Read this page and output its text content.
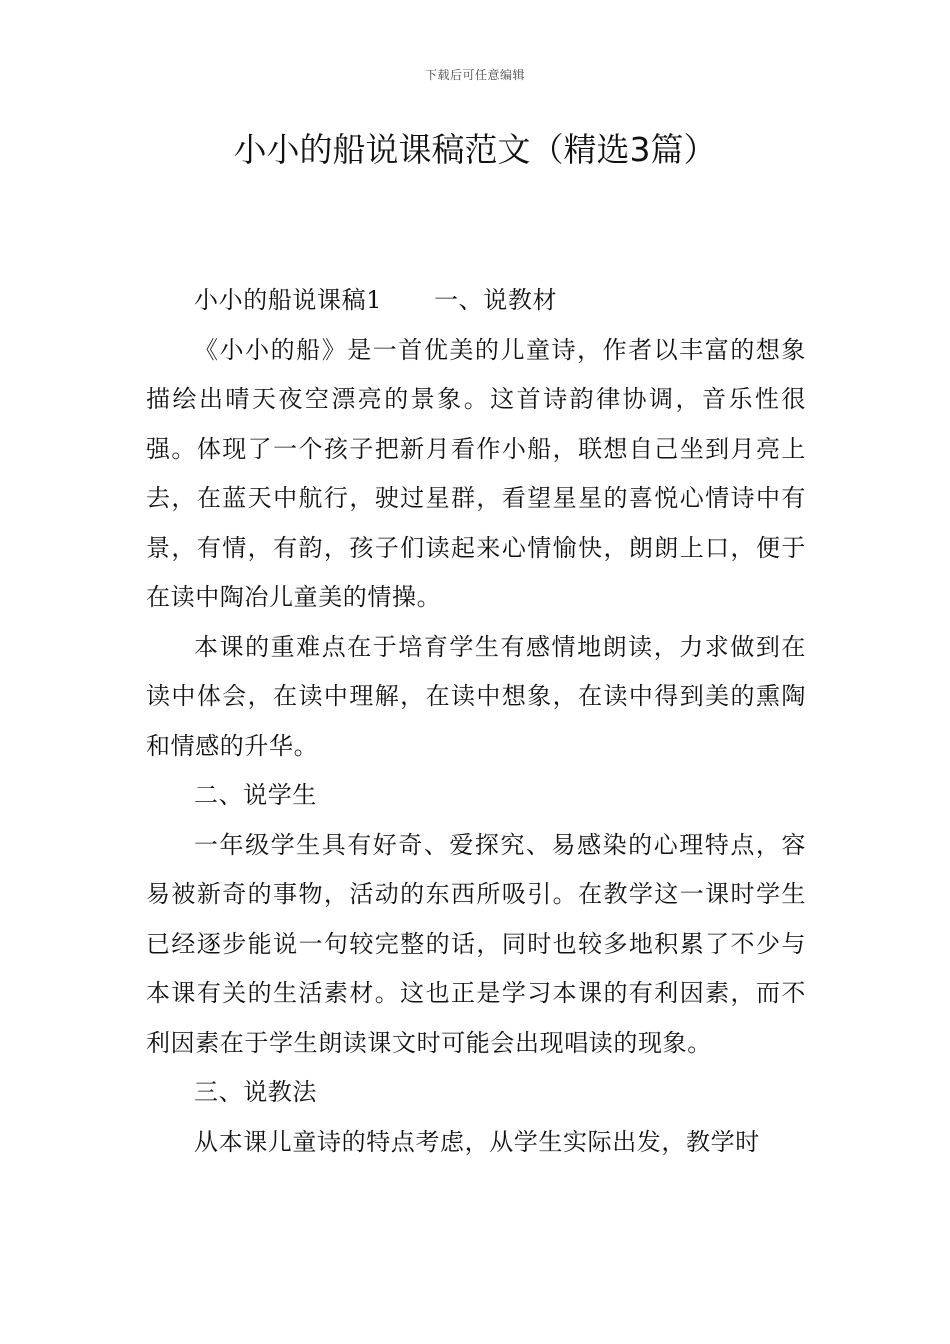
下载后可任意编辑
小小的船说课稿范文（精选3篇）

小小的船说课稿1 一、说教材

《小小的船》是一首优美的儿童诗，作者以丰富的想象描绘出晴天夜空漂亮的景象。这首诗韵律协调，音乐性很强。体现了一个孩子把新月看作小船，联想自己坐到月亮上去，在蓝天中航行，驶过星群，看望星星的喜悦心情诗中有景，有情，有韵，孩子们读起来心情愉快，朗朗上口，便于在读中陶冶儿童美的情操。

本课的重难点在于培育学生有感情地朗读，力求做到在读中体会，在读中理解，在读中想象，在读中得到美的熏陶和情感的升华。

二、说学生

一年级学生具有好奇、爱探究、易感染的心理特点，容易被新奇的事物，活动的东西所吸引。在教学这一课时学生已经逐步能说一句较完整的话，同时也较多地积累了不少与本课有关的生活素材。这也正是学习本课的有利因素，而不利因素在于学生朗读课文时可能会出现唱读的现象。

三、说教法

从本课儿童诗的特点考虑，从学生实际出发，教学时
